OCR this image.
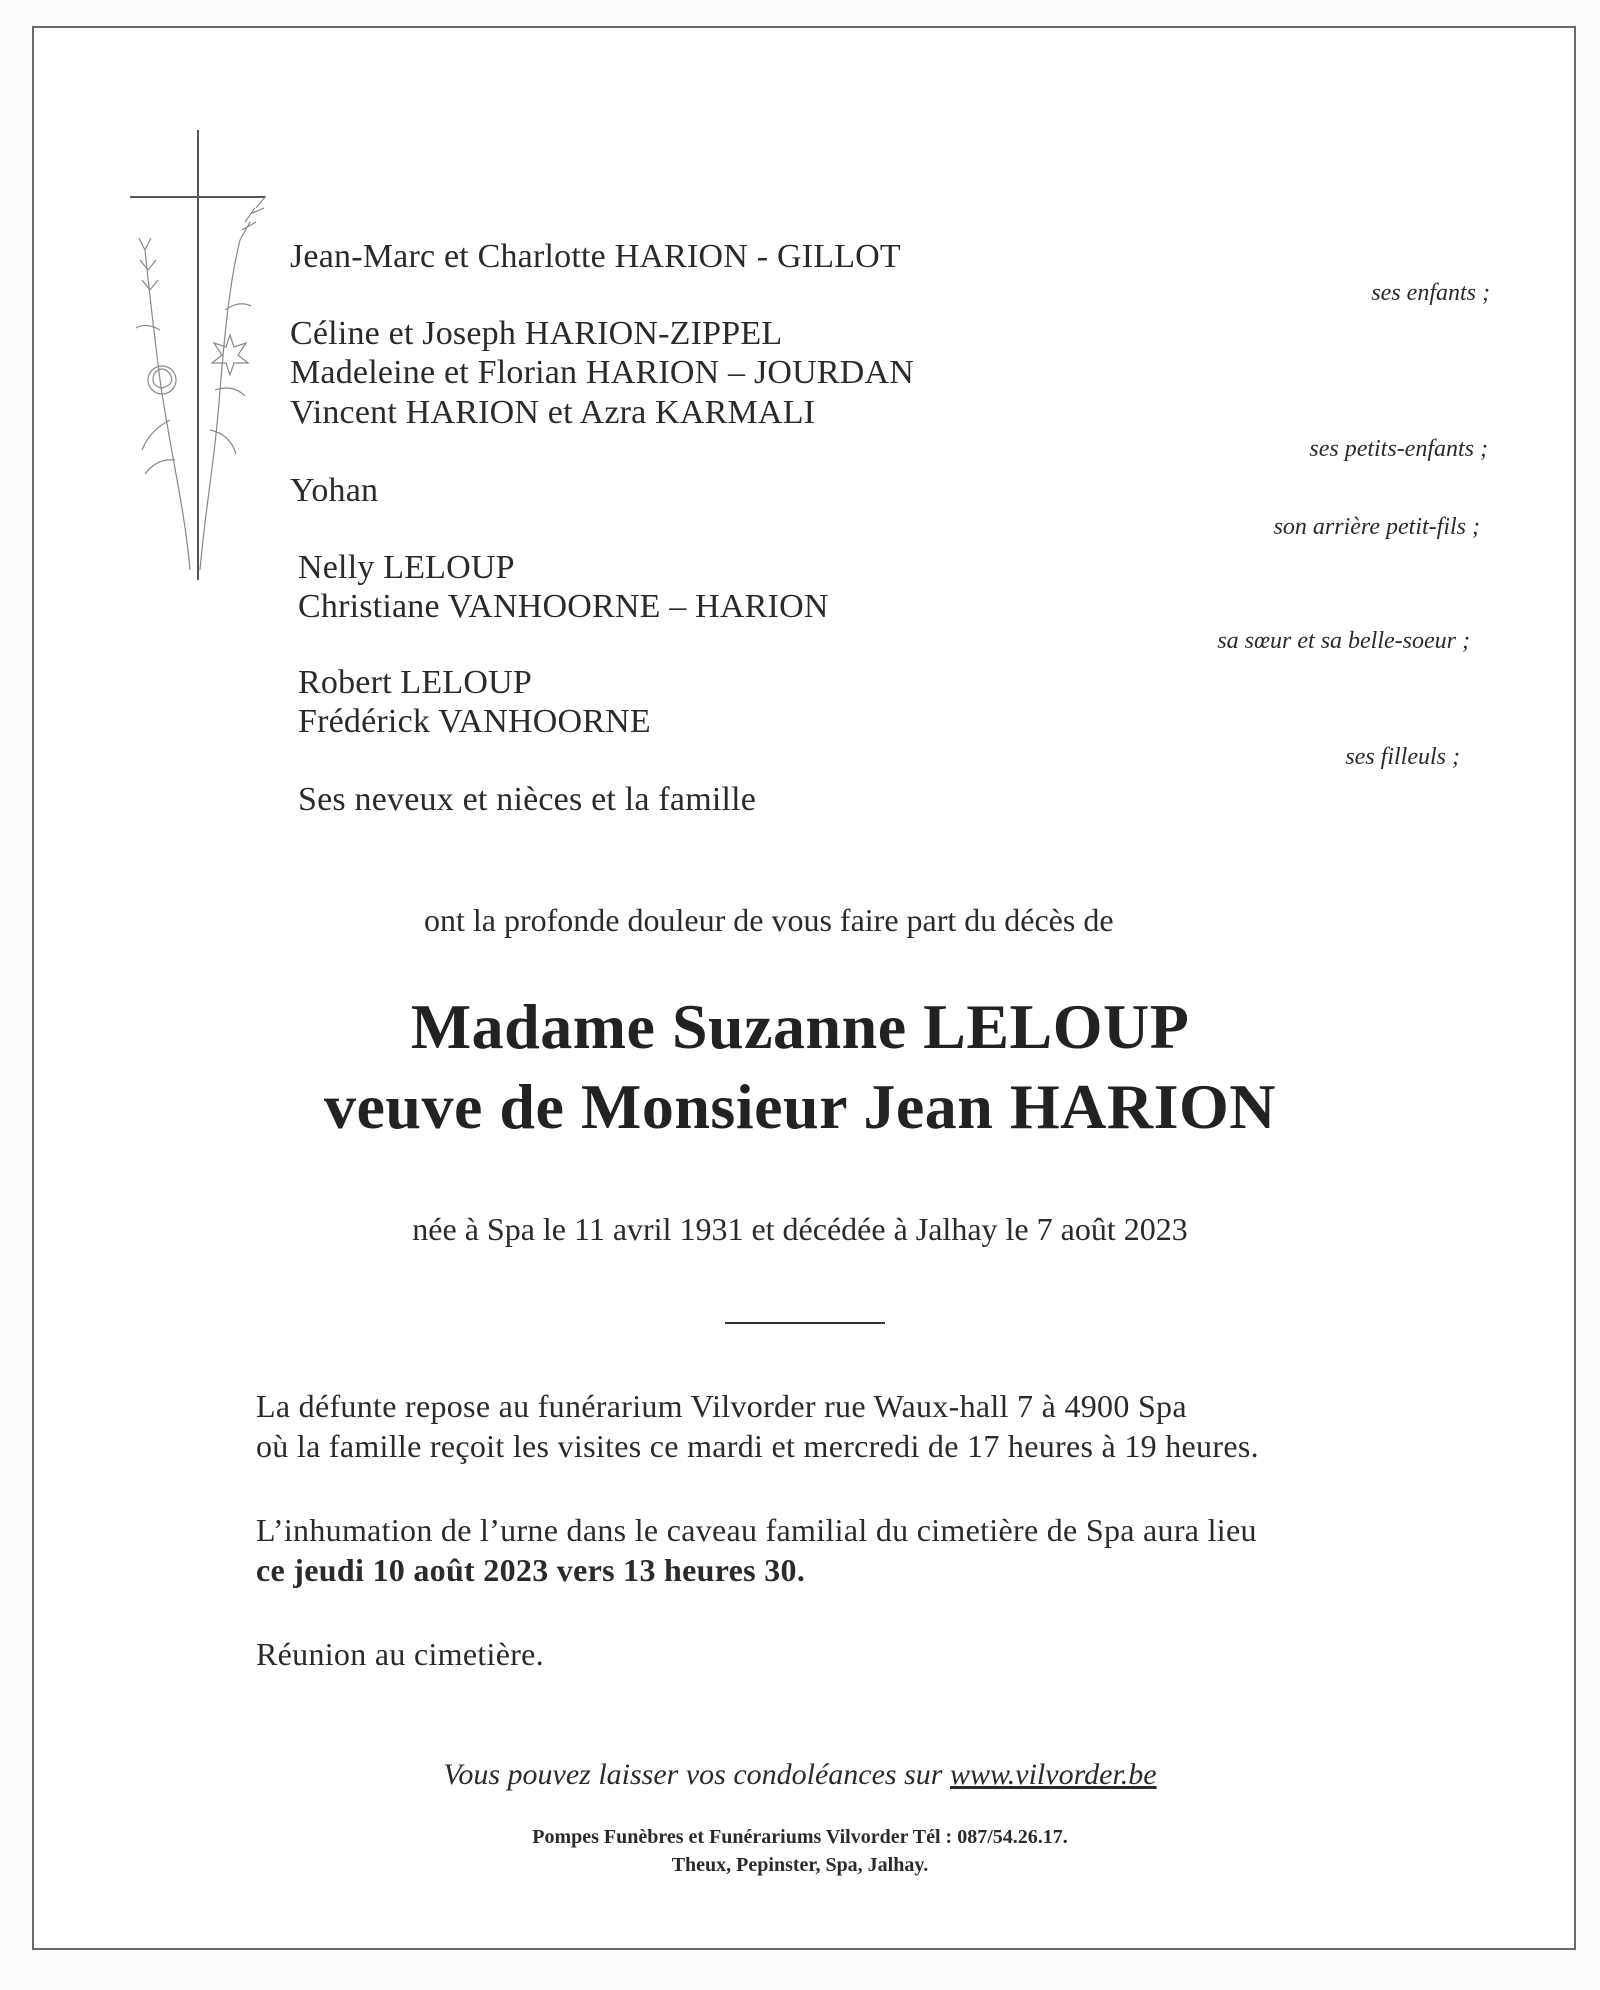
Jean-Marc et Charlotte HARION - GILLOT
Céline et Joseph HARION-ZIPPEL
Madeleine et Florian HARION – JOURDAN
Vincent HARION et Azra KARMALI
Yohan
Nelly LELOUP
Christiane VANHOORNE – HARION
Robert LELOUP
Frédérick VANHOORNE
Ses neveux et nièces et la famille
ses enfants ;
ses petits-enfants ;
son arrière petit-fils ;
sa sœur et sa belle-soeur ;
ses filleuls ;
ont la profonde douleur de vous faire part du décès de
Madame Suzanne LELOUP
veuve de Monsieur Jean HARION
née à Spa le 11 avril 1931 et décédée à Jalhay le 7 août 2023
La défunte repose au funérarium Vilvorder rue Waux-hall 7 à 4900 Spa
où la famille reçoit les visites ce mardi et mercredi de 17 heures à 19 heures.
L’inhumation de l’urne dans le caveau familial du cimetière de Spa aura lieu
ce jeudi 10 août 2023 vers 13 heures 30.
Réunion au cimetière.
Vous pouvez laisser vos condoléances sur www.vilvorder.be
Pompes Funèbres et Funérariums Vilvorder Tél : 087/54.26.17.
Theux, Pepinster, Spa, Jalhay.
